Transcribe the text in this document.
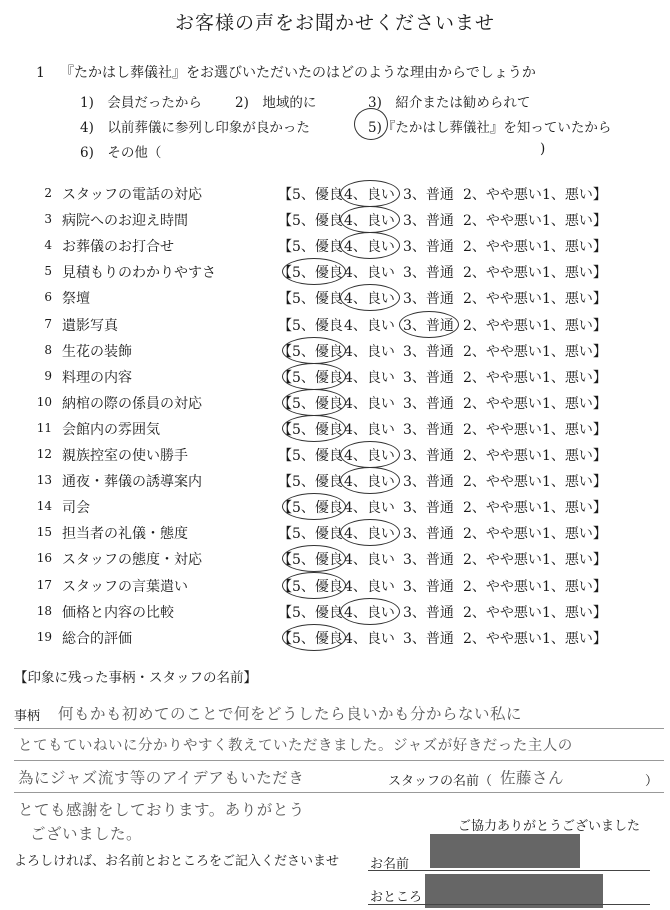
お客様の声をお聞かせくださいませ
1 『たかはし葬儀社』をお選びいただいたのはどのような理由からでしょうか
1)　会員だったから 2)　地域的に	3)　紹介または勧められて
4)　以前葬儀に参列し印象が良かった	5)『たかはし葬儀社』を知っていたから
6)　その他（	)
2 スタッフの電話の対応	【5、優良 4、良い 3、普通 2、やや悪い 1、悪い】
3 病院へのお迎え時間	【5、優良 4、良い 3、普通 2、やや悪い 1、悪い】
4 お葬儀のお打合せ	【5、優良 4、良い 3、普通 2、やや悪い 1、悪い】
5 見積もりのわかりやすさ	【5、優良 4、良い 3、普通 2、やや悪い 1、悪い】
6 祭壇	【5、優良 4、良い 3、普通 2、やや悪い 1、悪い】
7 遺影写真	【5、優良 4、良い 3、普通 2、やや悪い 1、悪い】
8 生花の装飾	【5、優良 4、良い 3、普通 2、やや悪い 1、悪い】
9 料理の内容	【5、優良 4、良い 3、普通 2、やや悪い 1、悪い】
10 納棺の際の係員の対応	【5、優良 4、良い 3、普通 2、やや悪い 1、悪い】
11 会館内の雰囲気	【5、優良 4、良い 3、普通 2、やや悪い 1、悪い】
12 親族控室の使い勝手	【5、優良 4、良い 3、普通 2、やや悪い 1、悪い】
13 通夜・葬儀の誘導案内	【5、優良 4、良い 3、普通 2、やや悪い 1、悪い】
14 司会	【5、優良 4、良い 3、普通 2、やや悪い 1、悪い】
15 担当者の礼儀・態度	【5、優良 4、良い 3、普通 2、やや悪い 1、悪い】
16 スタッフの態度・対応	【5、優良 4、良い 3、普通 2、やや悪い 1、悪い】
17 スタッフの言葉遣い	【5、優良 4、良い 3、普通 2、やや悪い 1、悪い】
18 価格と内容の比較	【5、優良 4、良い 3、普通 2、やや悪い 1、悪い】
19 総合的評価	【5、優良 4、良い 3、普通 2、やや悪い 1、悪い】
【印象に残った事柄・スタッフの名前】
事柄 何もかも初めてのことで何をどうしたら良いかも分からない私に
とてもていねいに分かりやすく教えていただきました。ジャズが好きだった主人の
為にジャズ流す等のアイデアもいただき	スタッフの名前（ 佐藤さん	）
とても感謝をしております。ありがとう
ございました。	ご協力ありがとうございました
よろしければ、お名前とおところをご記入くださいませ お名前
おところ
